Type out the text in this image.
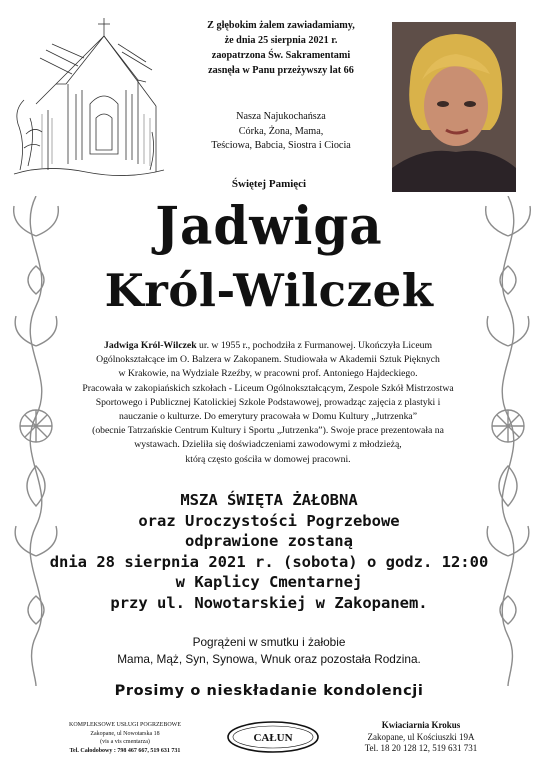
Z głębokim żalem zawiadamiamy,
że dnia 25 sierpnia 2021 r.
zaopatrzona Św. Sakramentami
zasnęła w Panu przeżywszy lat 66
Nasza Najukochańsza
Córka, Żona, Mama,
Teściowa, Babcia, Siostra i Ciocia
Świętej Pamięci
Jadwiga
Król-Wilczek
Jadwiga Król-Wilczek ur. w 1955 r., pochodziła z Furmanowej. Ukończyła Liceum
Ogólnokształcące im O. Balzera w Zakopanem. Studiowała w Akademii Sztuk Pięknych
w Krakowie, na Wydziale Rzeźby, w pracowni prof. Antoniego Hajdeckiego.
Pracowała w zakopiańskich szkołach - Liceum Ogólnokształcącym, Zespole Szkół Mistrzostwa
Sportowego i Publicznej Katolickiej Szkole Podstawowej, prowadząc zajęcia z plastyki i
nauczanie o kulturze. Do emerytury pracowała w Domu Kultury „Jutrzenka”
(obecnie Tatrzańskie Centrum Kultury i Sportu „Jutrzenka”). Swoje prace prezentowała na
wystawach. Dzieliła się doświadczeniami zawodowymi z młodzieżą,
którą często gościła w domowej pracowni.
MSZA ŚWIĘTA ŻAŁOBNA
oraz Uroczystości Pogrzebowe
odprawione zostaną
dnia 28 sierpnia 2021 r. (sobota) o godz. 12:00
w Kaplicy Cmentarnej
przy ul. Nowotarskiej w Zakopanem.
Pogrążeni w smutku i żałobie
Mama, Mąż, Syn, Synowa, Wnuk oraz pozostała Rodzina.
Prosimy o nieskładanie kondolencji
KOMPLEKSOWE USŁUGI POGRZEBOWE
Zakopane, ul Nowotarska 18
(vis a vis cmentarza)
Tel. Całodobowy : 798 467 667, 519 631 731
CAŁUN
Kwiaciarnia Krokus
Zakopane, ul Kościuszki 19A
Tel. 18 20 128 12, 519 631 731
